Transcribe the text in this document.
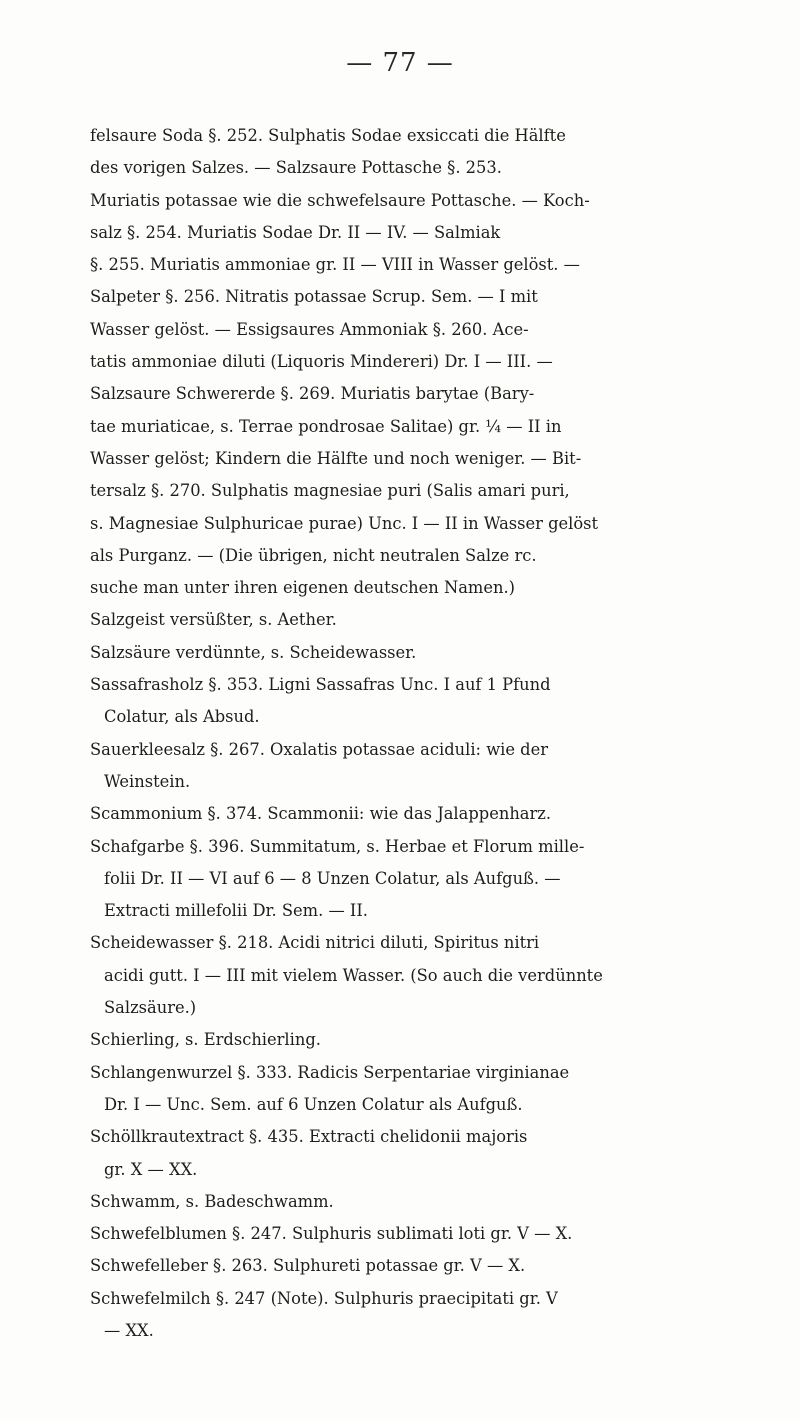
— 77 —
felsaure Soda §. 252. Sulphatis Sodae exsiccati die Hälfte
des vorigen Salzes. — Salzsaure Pottasche §. 253.
Muriatis potassae wie die schwefelsaure Pottasche. — Koch-
salz §. 254. Muriatis Sodae Dr. II — IV. — Salmiak
§. 255. Muriatis ammoniae gr. II — VIII in Wasser gelöst. —
Salpeter §. 256. Nitratis potassae Scrup. Sem. — I mit
Wasser gelöst. — Essigsaures Ammoniak §. 260. Ace-
tatis ammoniae diluti (Liquoris Mindereri) Dr. I — III. —
Salzsaure Schwererde §. 269. Muriatis barytae (Bary-
tae muriaticae, s. Terrae pondrosae Salitae) gr. ¼ — II in
Wasser gelöst; Kindern die Hälfte und noch weniger. — Bit-
tersalz §. 270. Sulphatis magnesiae puri (Salis amari puri,
s. Magnesiae Sulphuricae purae) Unc. I — II in Wasser gelöst
als Purganz. — (Die übrigen, nicht neutralen Salze rc.
suche man unter ihren eigenen deutschen Namen.)
Salzgeist versüßter, s. Aether.
Salzsäure verdünnte, s. Scheidewasser.
Sassafrasholz §. 353. Ligni Sassafras Unc. I auf 1 Pfund
Colatur, als Absud.
Sauerkleesalz §. 267. Oxalatis potassae aciduli: wie der
Weinstein.
Scammonium §. 374. Scammonii: wie das Jalappenharz.
Schafgarbe §. 396. Summitatum, s. Herbae et Florum mille-
folii Dr. II — VI auf 6 — 8 Unzen Colatur, als Aufguß. —
Extracti millefolii Dr. Sem. — II.
Scheidewasser §. 218. Acidi nitrici diluti, Spiritus nitri
acidi gutt. I — III mit vielem Wasser. (So auch die verdünnte
Salzsäure.)
Schierling, s. Erdschierling.
Schlangenwurzel §. 333. Radicis Serpentariae virginianae
Dr. I — Unc. Sem. auf 6 Unzen Colatur als Aufguß.
Schöllkrautextract §. 435. Extracti chelidonii majoris
gr. X — XX.
Schwamm, s. Badeschwamm.
Schwefelblumen §. 247. Sulphuris sublimati loti gr. V — X.
Schwefelleber §. 263. Sulphureti potassae gr. V — X.
Schwefelmilch §. 247 (Note). Sulphuris praecipitati gr. V
— XX.
